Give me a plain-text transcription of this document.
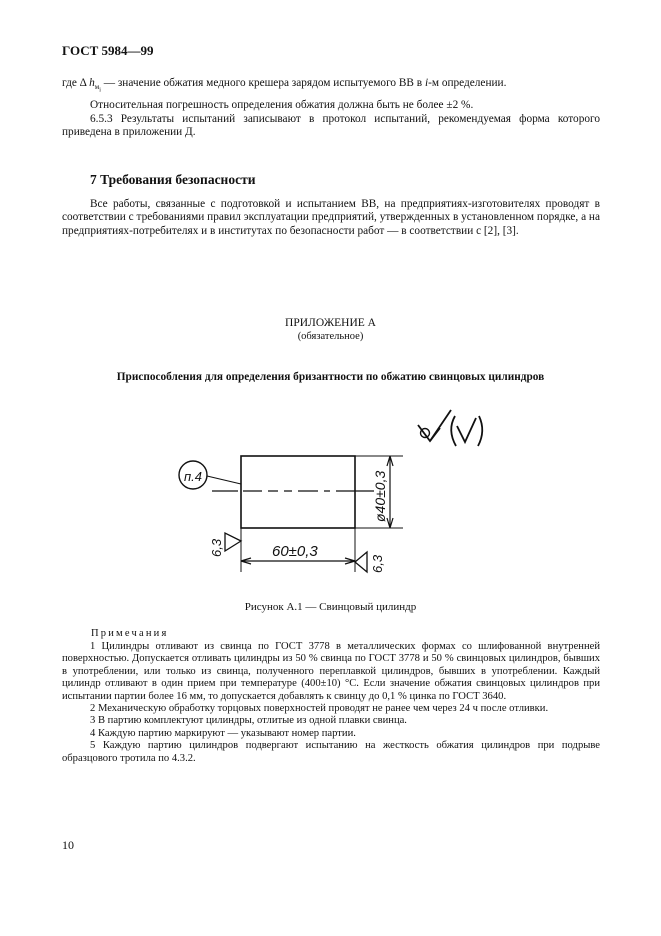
ГОСТ 5984—99
где Δ $h_{м_i}$ — значение обжатия медного крешера зарядом испытуемого ВВ в i-м определении.
Относительная погрешность определения обжатия должна быть не более ±2 %.
6.5.3 Результаты испытаний записывают в протокол испытаний, рекомендуемая форма которого приведена в приложении Д.
7 Требования безопасности
Все работы, связанные с подготовкой и испытанием ВВ, на предприятиях-изготовителях проводят в соответствии с требованиями правил эксплуатации предприятий, утвержденных в установленном порядке, а на предприятиях-потребителях и в институтах по безопасности работ — в соответствии с [2], [3].
ПРИЛОЖЕНИЕ А
(обязательное)
Приспособления для определения бризантности по обжатию свинцовых цилиндров
п.4
60±0,3
ø40±0,3
6,3
6,3
Рисунок А.1 — Свинцовый цилиндр
Примечания

1 Цилиндры отливают из свинца по ГОСТ 3778 в металлических формах со шлифованной внутренней поверхностью. Допускается отливать цилиндры из 50 % свинца по ГОСТ 3778 и 50 % свинцовых цилиндров, бывших в употреблении, или только из свинца, полученного переплавкой цилиндров, бывших в употреблении. Каждый цилиндр отливают в один прием при температуре (400±10) °С. Если значение обжатия свинцовых цилиндров при испытании партии более 16 мм, то допускается добавлять к свинцу до 0,1 % цинка по ГОСТ 3640.

2 Механическую обработку торцовых поверхностей проводят не ранее чем через 24 ч после отливки.

3 В партию комплектуют цилиндры, отлитые из одной плавки свинца.

4 Каждую партию маркируют — указывают номер партии.

5 Каждую партию цилиндров подвергают испытанию на жесткость обжатия цилиндров при подрыве образцового тротила по 4.3.2.

10
